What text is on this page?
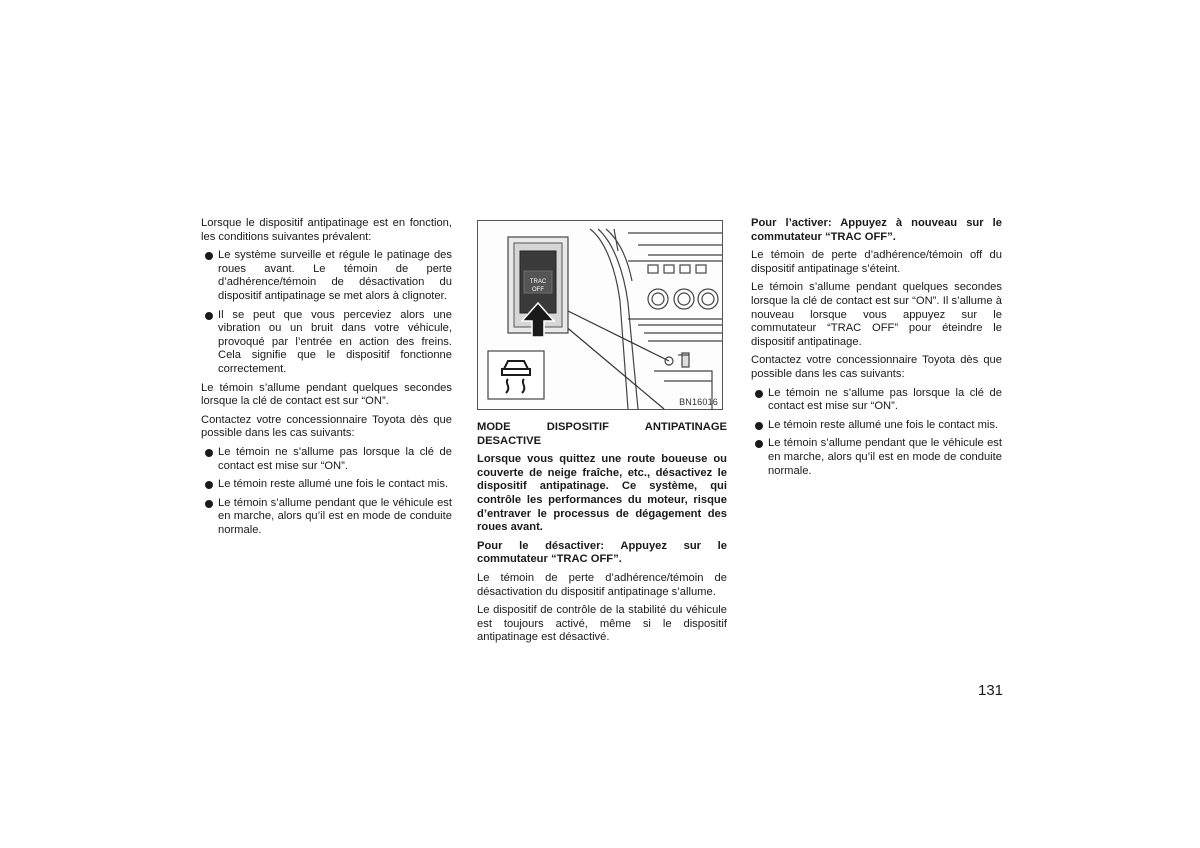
Lorsque le dispositif antipatinage est en fonction, les conditions suivantes prévalent:

Le système surveille et régule le patinage des roues avant. Le témoin de perte d’adhérence/témoin de désactivation du dispositif antipatinage se met alors à clignoter.
Il se peut que vous perceviez alors une vibration ou un bruit dans votre véhicule, provoqué par l’entrée en action des freins. Cela signifie que le dispositif fonctionne correctement.

Le témoin s’allume pendant quelques secondes lorsque la clé de contact est sur “ON”.

Contactez votre concessionnaire Toyota dès que possible dans les cas suivants:

Le témoin ne s’allume pas lorsque la clé de contact est mise sur “ON”.
Le témoin reste allumé une fois le contact mis.
Le témoin s’allume pendant que le véhicule est en marche, alors qu’il est en mode de conduite normale.
TRAC
OFF
BN16016

MODE DISPOSITIF ANTIPATINAGE DESACTIVE

Lorsque vous quittez une route boueuse ou couverte de neige fraîche, etc., désactivez le dispositif antipatinage. Ce système, qui contrôle les performances du moteur, risque d’entraver le processus de dégagement des roues avant.

Pour le désactiver: Appuyez sur le commutateur “TRAC OFF”.

Le témoin de perte d’adhérence/témoin de désactivation du dispositif antipatinage s’allume.

Le dispositif de contrôle de la stabilité du véhicule est toujours activé, même si le dispositif antipatinage est désactivé.

Pour l’activer: Appuyez à nouveau sur le commutateur “TRAC OFF”.

Le témoin de perte d’adhérence/témoin off du dispositif antipatinage s’éteint.

Le témoin s’allume pendant quelques secondes lorsque la clé de contact est sur “ON”. Il s’allume à nouveau lorsque vous appuyez sur le commutateur “TRAC OFF” pour éteindre le dispositif antipatinage.

Contactez votre concessionnaire Toyota dès que possible dans les cas suivants:

Le témoin ne s’allume pas lorsque la clé de contact est mise sur “ON”.
Le témoin reste allumé une fois le contact mis.
Le témoin s’allume pendant que le véhicule est en marche, alors qu’il est en mode de conduite normale.
131
